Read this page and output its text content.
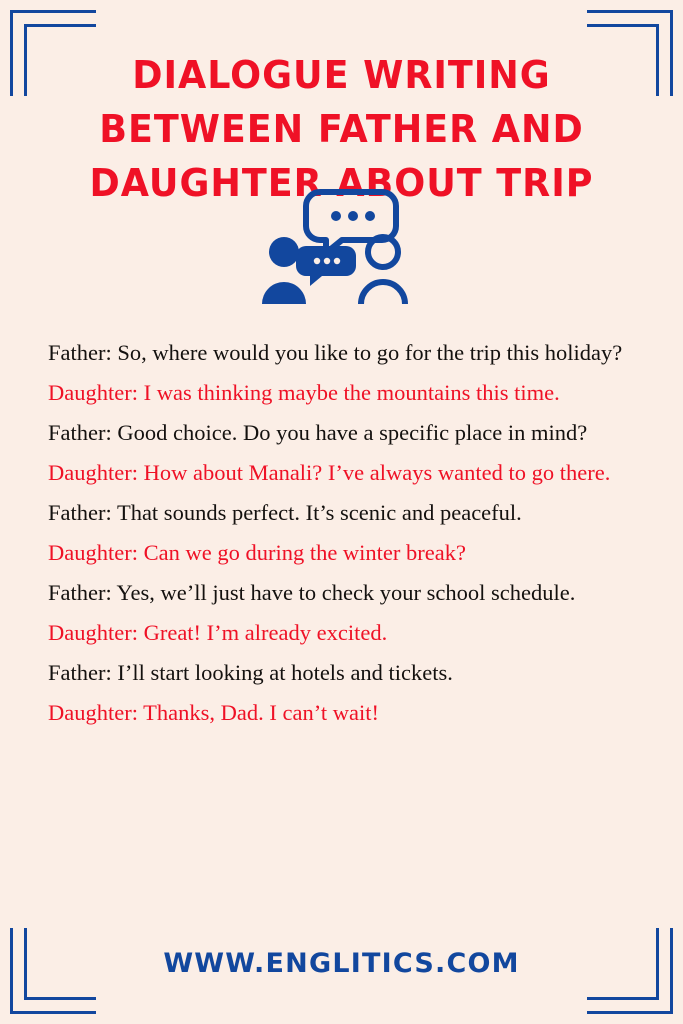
DIALOGUE WRITING BETWEEN FATHER AND DAUGHTER ABOUT TRIP

Father: So, where would you like to go for the trip this holiday?

Daughter: I was thinking maybe the mountains this time.

Father: Good choice. Do you have a specific place in mind?

Daughter: How about Manali? I’ve always wanted to go there.

Father: That sounds perfect. It’s scenic and peaceful.

Daughter: Can we go during the winter break?

Father: Yes, we’ll just have to check your school schedule.

Daughter: Great! I’m already excited.

Father: I’ll start looking at hotels and tickets.

Daughter: Thanks, Dad. I can’t wait!

WWW.ENGLITICS.COM
